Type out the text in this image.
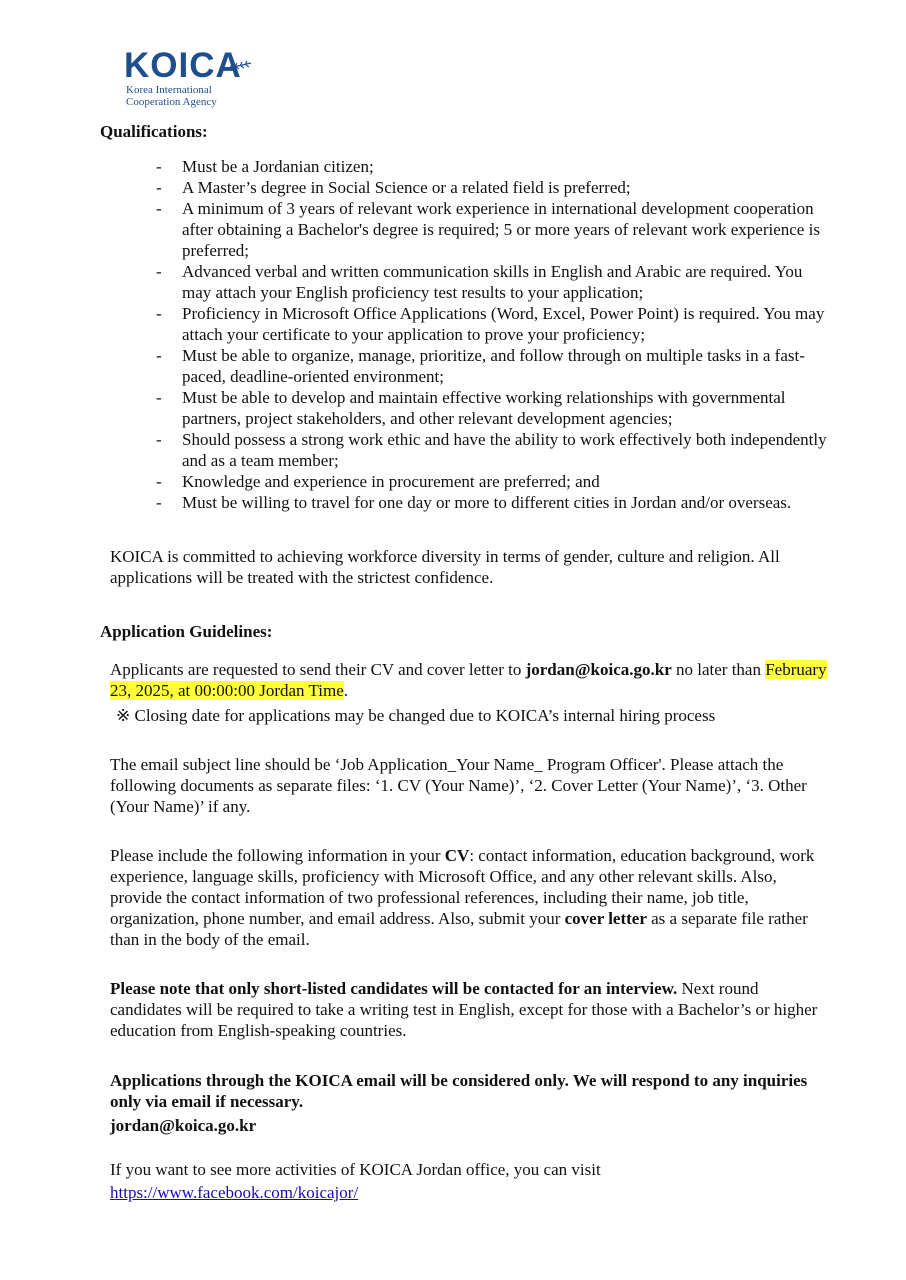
KOICA
Korea International
Cooperation Agency
Qualifications:
- Must be a Jordanian citizen;
- A Master’s degree in Social Science or a related field is preferred;
- A minimum of 3 years of relevant work experience in international development cooperation after obtaining a Bachelor's degree is required; 5 or more years of relevant work experience is preferred;
- Advanced verbal and written communication skills in English and Arabic are required. You may attach your English proficiency test results to your application;
- Proficiency in Microsoft Office Applications (Word, Excel, Power Point) is required. You may attach your certificate to your application to prove your proficiency;
- Must be able to organize, manage, prioritize, and follow through on multiple tasks in a fast-paced, deadline-oriented environment;
- Must be able to develop and maintain effective working relationships with governmental partners, project stakeholders, and other relevant development agencies;
- Should possess a strong work ethic and have the ability to work effectively both independently and as a team member;
- Knowledge and experience in procurement are preferred; and
- Must be willing to travel for one day or more to different cities in Jordan and/or overseas.

KOICA is committed to achieving workforce diversity in terms of gender, culture and religion. All applications will be treated with the strictest confidence.

Application Guidelines:

Applicants are requested to send their CV and cover letter to jordan@koica.go.kr no later than February 23, 2025, at 00:00:00 Jordan Time.

※ Closing date for applications may be changed due to KOICA’s internal hiring process

The email subject line should be ‘Job Application_Your Name_ Program Officer'. Please attach the following documents as separate files: ‘1. CV (Your Name)’, ‘2. Cover Letter (Your Name)’, ‘3. Other (Your Name)’ if any.

Please include the following information in your CV: contact information, education background, work experience, language skills, proficiency with Microsoft Office, and any other relevant skills. Also, provide the contact information of two professional references, including their name, job title, organization, phone number, and email address. Also, submit your cover letter as a separate file rather than in the body of the email.

Please note that only short-listed candidates will be contacted for an interview. Next round candidates will be required to take a writing test in English, except for those with a Bachelor’s or higher education from English-speaking countries.

Applications through the KOICA email will be considered only. We will respond to any inquiries only via email if necessary.

jordan@koica.go.kr

If you want to see more activities of KOICA Jordan office, you can visit

https://www.facebook.com/koicajor/
